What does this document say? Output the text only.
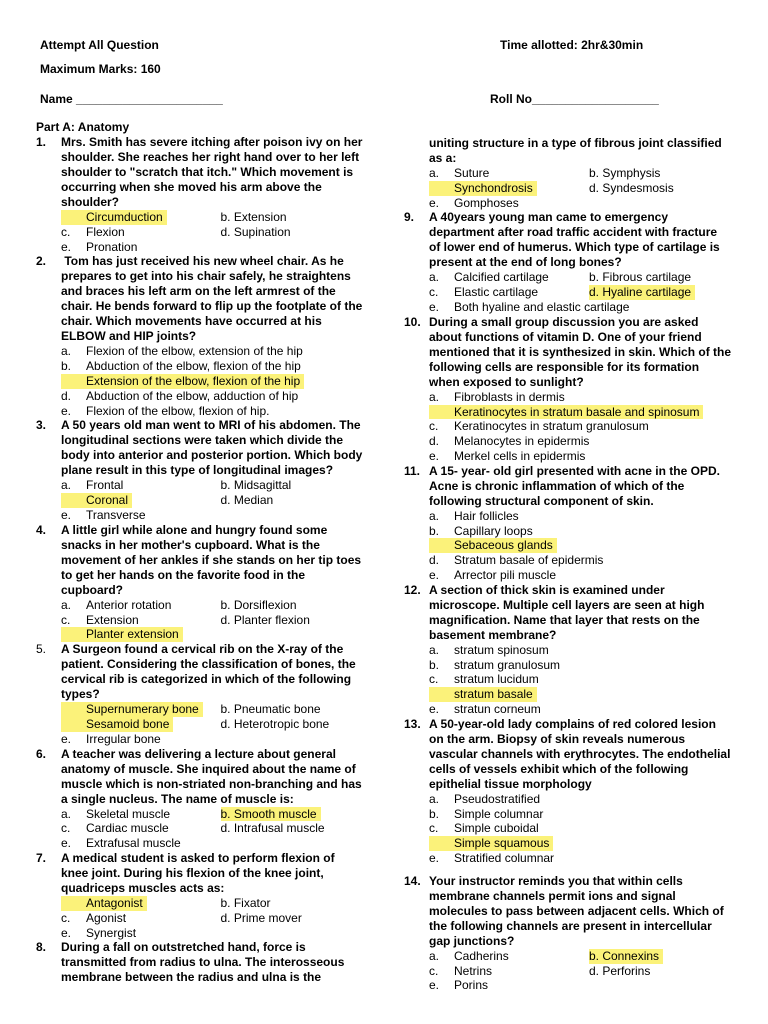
Attempt All Question	Time allotted: 2hr&30min
Maximum Marks: 160
Name ______________________	Roll No___________________
Part A: Anatomy
1.	Mrs. Smith has severe itching after poison ivy on her
shoulder. She reaches her right hand over to her left
shoulder to "scratch that itch." Which movement is
occurring when she moved his arm above the
shoulder?
Circumduction	b. Extension
c.	Flexion	d. Supination
e.	Pronation
2.	Tom has just received his new wheel chair. As he
prepares to get into his chair safely, he straightens
and braces his left arm on the left armrest of the
chair. He bends forward to flip up the footplate of the
chair. Which movements have occurred at his
ELBOW and HIP joints?
a.	Flexion of the elbow, extension of the hip
b.	Abduction of the elbow, flexion of the hip
Extension of the elbow, flexion of the hip
d.	Abduction of the elbow, adduction of hip
e.	Flexion of the elbow, flexion of hip.
3.	A 50 years old man went to MRI of his abdomen. The
longitudinal sections were taken which divide the
body into anterior and posterior portion. Which body
plane result in this type of longitudinal images?
a.	Frontal	b. Midsagittal
Coronal	d. Median
e.	Transverse
4.	A little girl while alone and hungry found some
snacks in her mother's cupboard. What is the
movement of her ankles if she stands on her tip toes
to get her hands on the favorite food in the
cupboard?
a.	Anterior rotation	b. Dorsiflexion
c.	Extension	d. Planter flexion
Planter extension
5.	A Surgeon found a cervical rib on the X-ray of the
patient. Considering the classification of bones, the
cervical rib is categorized in which of the following
types?
Supernumerary bone	b. Pneumatic bone
Sesamoid bone	d. Heterotropic bone
e.	Irregular bone
6.	A teacher was delivering a lecture about general
anatomy of muscle. She inquired about the name of
muscle which is non-striated non-branching and has
a single nucleus. The name of muscle is:
a.	Skeletal muscle	b. Smooth muscle
c.	Cardiac muscle	d. Intrafusal muscle
e.	Extrafusal muscle
7.	A medical student is asked to perform flexion of
knee joint. During his flexion of the knee joint,
quadriceps muscles acts as:
Antagonist	b. Fixator
c.	Agonist	d. Prime mover
e.	Synergist
8.	During a fall on outstretched hand, force is
transmitted from radius to ulna. The interosseous
membrane between the radius and ulna is the
uniting structure in a type of fibrous joint classified
as a:
a.	Suture	b. Symphysis
Synchondrosis	d. Syndesmosis
e.	Gomphoses
9.	A 40years young man came to emergency
department after road traffic accident with fracture
of lower end of humerus. Which type of cartilage is
present at the end of long bones?
a.	Calcified cartilage	b. Fibrous cartilage
c.	Elastic cartilage	d. Hyaline cartilage
e.	Both hyaline and elastic cartilage
10. During a small group discussion you are asked
about functions of vitamin D. One of your friend
mentioned that it is synthesized in skin. Which of the
following cells are responsible for its formation
when exposed to sunlight?
a.	Fibroblasts in dermis
Keratinocytes in stratum basale and spinosum
c.	Keratinocytes in stratum granulosum
d.	Melanocytes in epidermis
e.	Merkel cells in epidermis
11. A 15- year- old girl presented with acne in the OPD.
Acne is chronic inflammation of which of the
following structural component of skin.
a.	Hair follicles
b.	Capillary loops
Sebaceous glands
d.	Stratum basale of epidermis
e.	Arrector pili muscle
12. A section of thick skin is examined under
microscope. Multiple cell layers are seen at high
magnification. Name that layer that rests on the
basement membrane?
a.	stratum spinosum
b.	stratum granulosum
c.	stratum lucidum
stratum basale
e.	stratun corneum
13. A 50-year-old lady complains of red colored lesion
on the arm. Biopsy of skin reveals numerous
vascular channels with erythrocytes. The endothelial
cells of vessels exhibit which of the following
epithelial tissue morphology
a.	Pseudostratified
b.	Simple columnar
c.	Simple cuboidal
Simple squamous
e.	Stratified columnar
14. Your instructor reminds you that within cells
membrane channels permit ions and signal
molecules to pass between adjacent cells. Which of
the following channels are present in intercellular
gap junctions?
a.	Cadherins	b. Connexins
c.	Netrins	d. Perforins
e.	Porins
